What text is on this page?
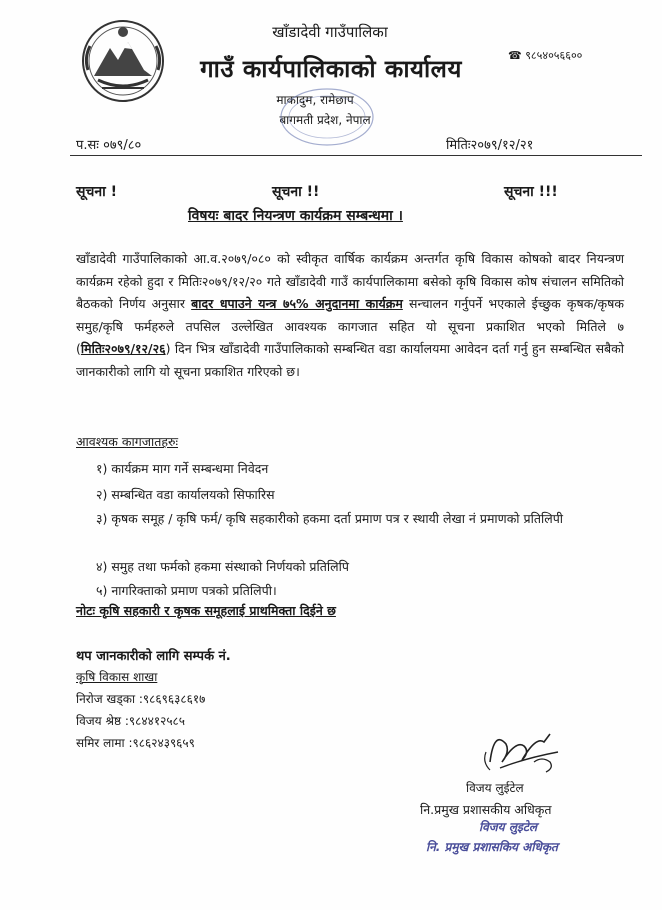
खाँडादेवी गाउँपालिका
गाउँ कार्यपालिकाको कार्यालय
माकादुम, रामेछाप
बागमती प्रदेश, नेपाल
☎ ९८५४०५६६००
प.सः ०७९/८०	मितिः२०७९/१२/२१
सूचना !	सूचना !!	सूचना !!!
विषयः बादर नियन्त्रण कार्यक्रम सम्बन्धमा ।
खाँडादेवी गाउँपालिकाको आ.व.२०७९/०८० को स्वीकृत वार्षिक कार्यक्रम अन्तर्गत कृषि विकास कोषको बादर नियन्त्रण कार्यक्रम रहेको हुदा र मितिः२०७९/१२/२० गते खाँडादेवी गाउँ कार्यपालिकामा बसेको कृषि विकास कोष संचालन समितिको बैठकको निर्णय अनुसार बादर धपाउने यन्त्र ७५% अनुदानमा कार्यक्रम सन्चालन गर्नुपर्ने भएकाले ईच्छुक कृषक/कृषक समुह/कृषि फर्महरुले तपसिल उल्लेखित आवश्यक कागजात सहित यो सूचना प्रकाशित भएको मितिले ७ (मितिः२०७९/१२/२६) दिन भित्र खाँडादेवी गाउँपालिकाको सम्बन्धित वडा कार्यालयमा आवेदन दर्ता गर्नु हुन सम्बन्धित सबैको जानकारीको लागि यो सूचना प्रकाशित गरिएको छ।
आवश्यक कागजातहरुः
१) कार्यक्रम माग गर्ने सम्बन्धमा निवेदन
२) सम्बन्धित वडा कार्यालयको सिफारिस
३) कृषक समूह / कृषि फर्म/ कृषि सहकारीको हकमा दर्ता प्रमाण पत्र र स्थायी लेखा नं प्रमाणको प्रतिलिपी
४) समुह तथा फर्मको हकमा संस्थाको निर्णयको प्रतिलिपि
५) नागरिक्ताको प्रमाण पत्रको प्रतिलिपी।
नोटः कृषि सहकारी र कृषक समूहलाई प्राथमिक्ता दिईने छ
थप जानकारीको लागि सम्पर्क नं.
कृषि विकास शाखा
निरोज खड्का :९८६९६३८६१७
विजय श्रेष्ठ :९८४४१२५८५
समिर लामा :९८६२४३९६५९
विजय लुईटेल
नि.प्रमुख प्रशासकीय अधिकृत
विजय लुइटेल
नि. प्रमुख प्रशासकिय अधिकृत
